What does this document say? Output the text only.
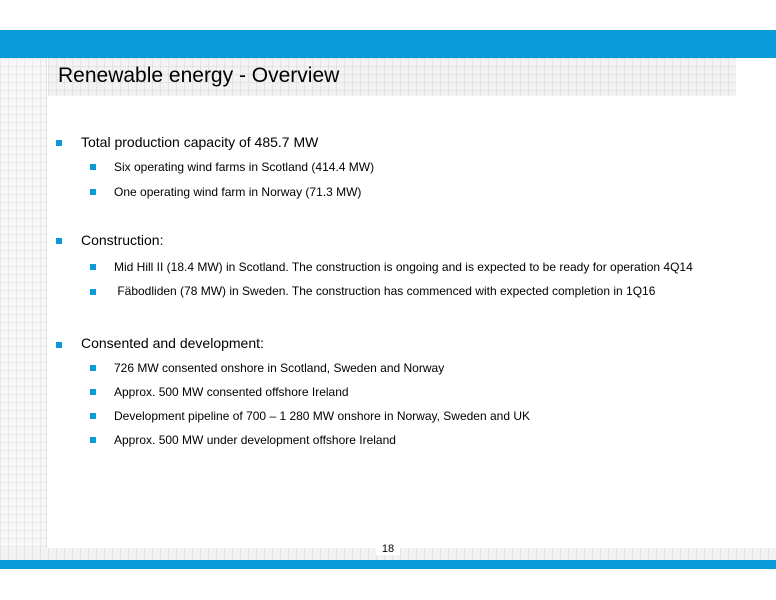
Renewable energy - Overview
Total production capacity of 485.7 MW
Six operating wind farms in Scotland (414.4 MW)
One operating wind farm in Norway (71.3 MW)
Construction:
Mid Hill II (18.4 MW) in Scotland. The construction is ongoing and is expected to be ready for operation 4Q14
Fäbodliden (78 MW) in Sweden. The construction has commenced with expected completion in 1Q16
Consented and development:
726 MW consented onshore in Scotland, Sweden and Norway
Approx. 500 MW consented offshore Ireland
Development pipeline of 700 – 1 280 MW onshore in Norway, Sweden and UK
Approx. 500 MW under development offshore Ireland
18
